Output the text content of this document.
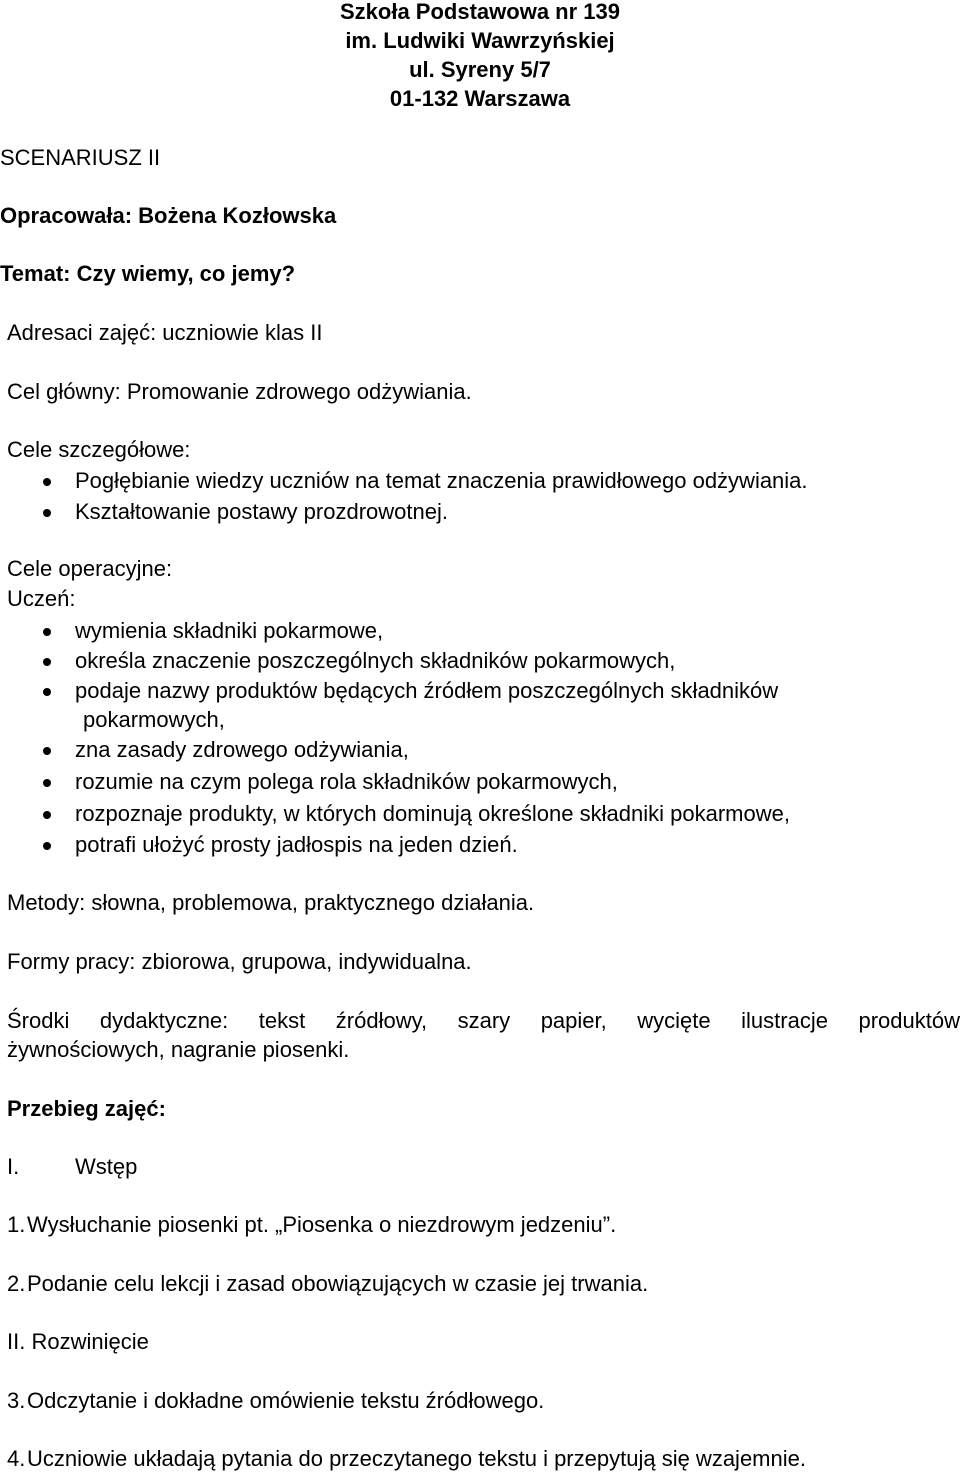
Szkoła Podstawowa nr 139
im. Ludwiki Wawrzyńskiej
ul. Syreny 5/7
01-132 Warszawa
SCENARIUSZ II
Opracowała: Bożena Kozłowska
Temat: Czy wiemy, co jemy?
Adresaci zajęć: uczniowie klas II
Cel główny: Promowanie zdrowego odżywiania.
Cele szczegółowe:
Pogłębianie wiedzy uczniów na temat znaczenia prawidłowego odżywiania.
Kształtowanie postawy prozdrowotnej.
Cele operacyjne:
Uczeń:
wymienia składniki pokarmowe,
określa znaczenie poszczególnych składników pokarmowych,
podaje nazwy produktów będących źródłem poszczególnych składników
pokarmowych,
zna zasady zdrowego odżywiania,
rozumie na czym polega rola składników pokarmowych,
rozpoznaje produkty, w których dominują określone składniki pokarmowe,
potrafi ułożyć prosty jadłospis na jeden dzień.
Metody: słowna, problemowa, praktycznego działania.
Formy pracy: zbiorowa, grupowa, indywidualna.
Środki dydaktyczne: tekst źródłowy, szary papier, wycięte ilustracje produktów
żywnościowych, nagranie piosenki.
Przebieg zajęć:
I.	Wstęp
1.Wysłuchanie piosenki pt. „Piosenka o niezdrowym jedzeniu”.
2.Podanie celu lekcji i zasad obowiązujących w czasie jej trwania.
II. Rozwinięcie
3.Odczytanie i dokładne omówienie tekstu źródłowego.
4.Uczniowie układają pytania do przeczytanego tekstu i przepytują się wzajemnie.
